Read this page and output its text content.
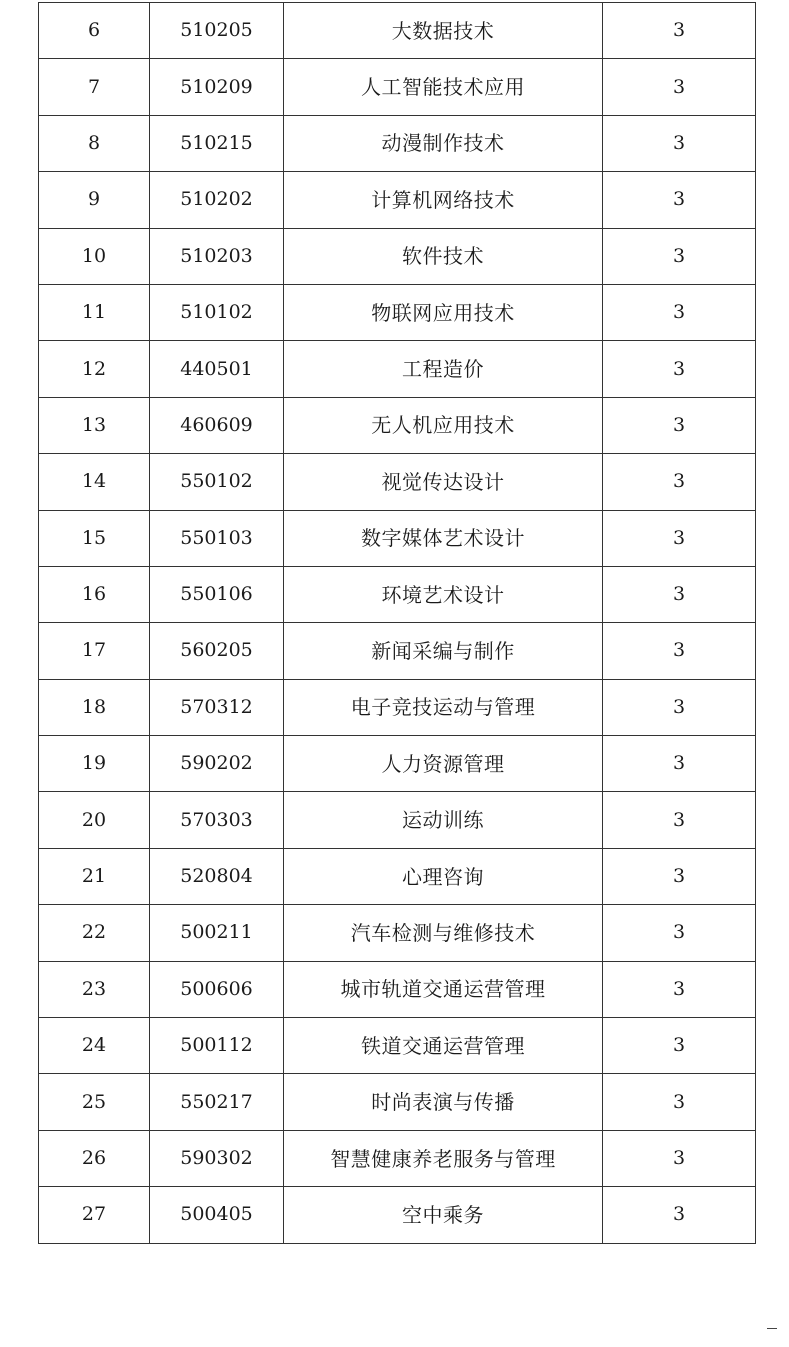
6	510205	大数据技术	3
7	510209	人工智能技术应用	3
8	510215	动漫制作技术	3
9	510202	计算机网络技术	3
10	510203	软件技术	3
11	510102	物联网应用技术	3
12	440501	工程造价	3
13	460609	无人机应用技术	3
14	550102	视觉传达设计	3
15	550103	数字媒体艺术设计	3
16	550106	环境艺术设计	3
17	560205	新闻采编与制作	3
18	570312	电子竞技运动与管理	3
19	590202	人力资源管理	3
20	570303	运动训练	3
21	520804	心理咨询	3
22	500211	汽车检测与维修技术	3
23	500606	城市轨道交通运营管理	3
24	500112	铁道交通运营管理	3
25	550217	时尚表演与传播	3
26	590302	智慧健康养老服务与管理	3
27	500405	空中乘务	3
